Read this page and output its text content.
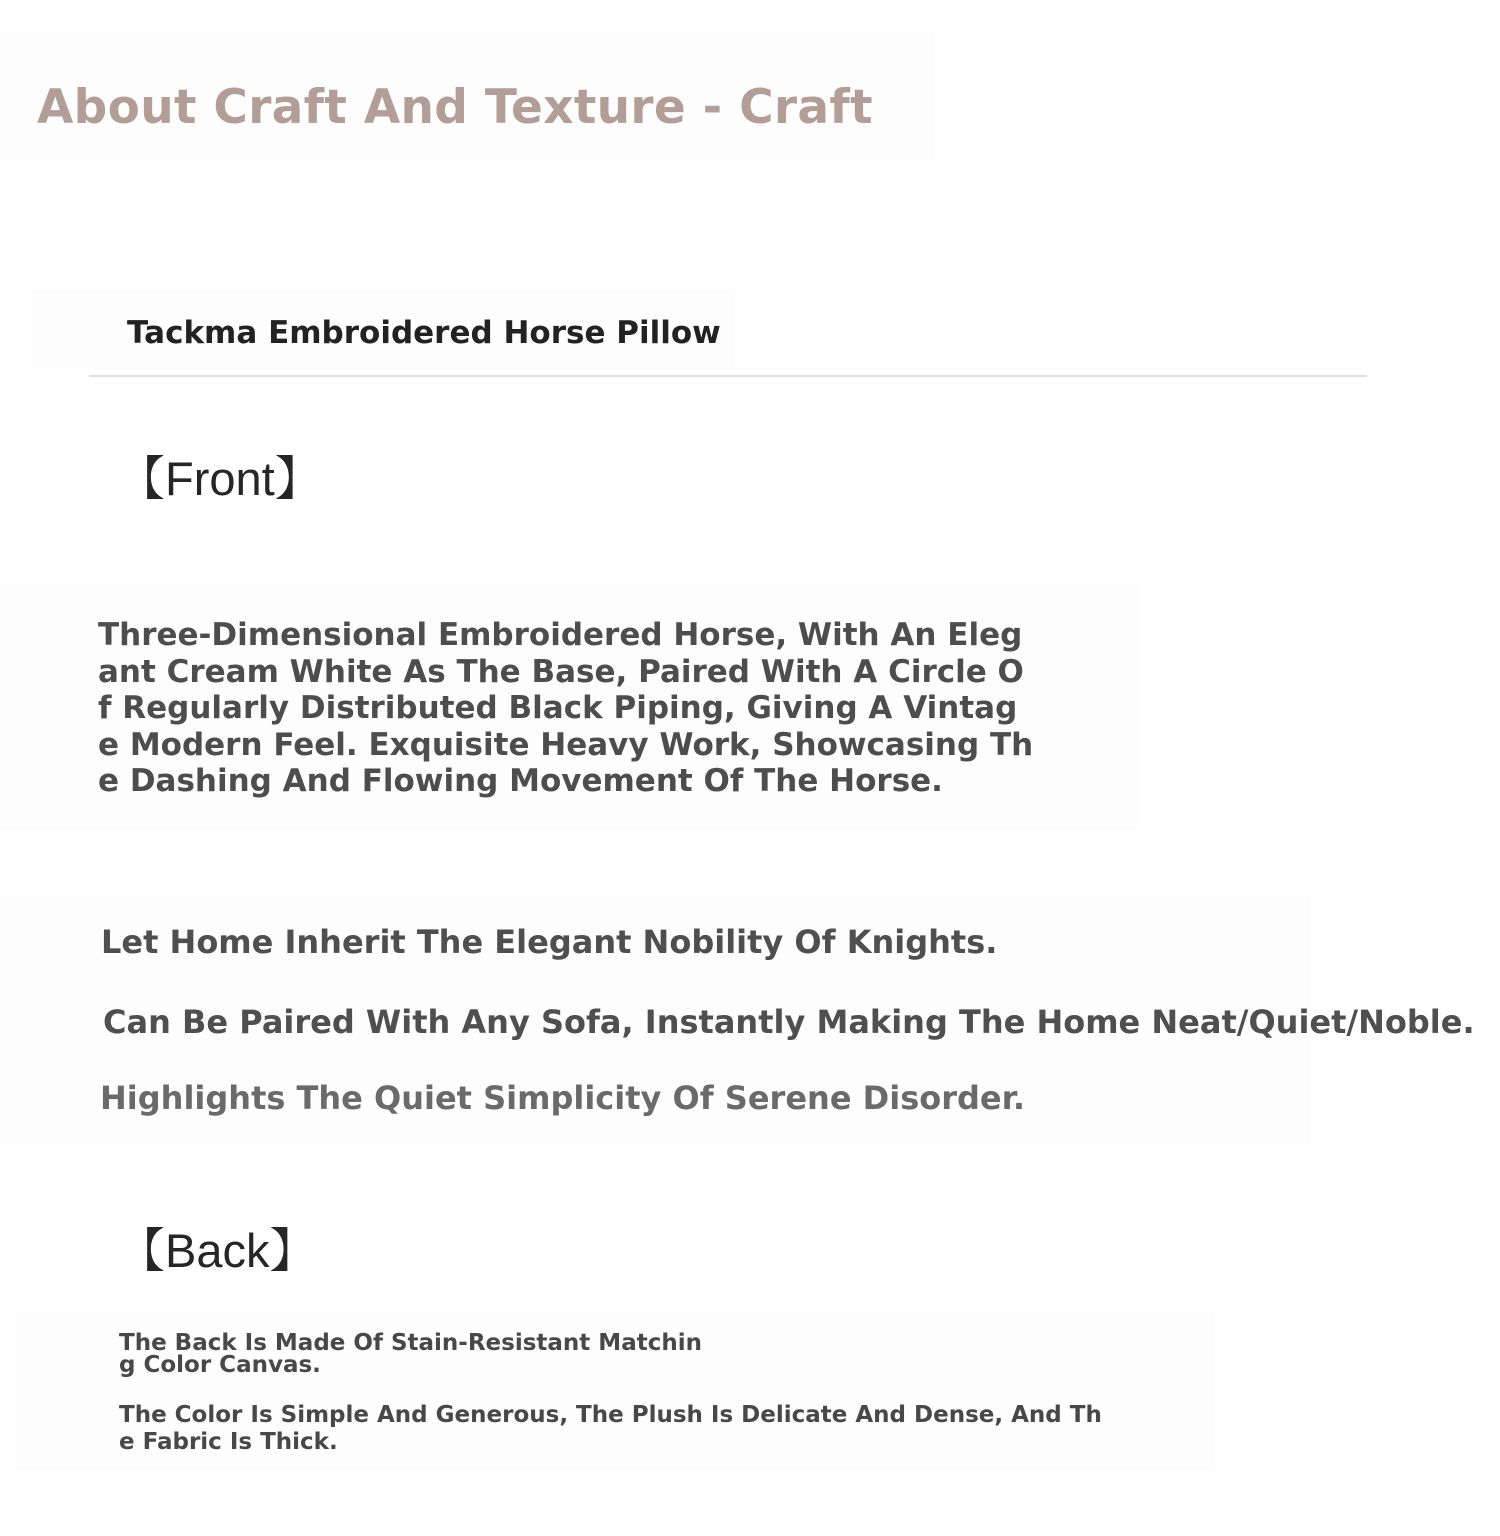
About Craft And Texture - Craft
Tackma Embroidered Horse Pillow
【Front】

Three-Dimensional Embroidered Horse, With An Eleg
ant Cream White As The Base, Paired With A Circle O
f Regularly Distributed Black Piping, Giving A Vintag
e Modern Feel. Exquisite Heavy Work, Showcasing Th
e Dashing And Flowing Movement Of The Horse.

Let Home Inherit The Elegant Nobility Of Knights.

Can Be Paired With Any Sofa, Instantly Making The Home Neat/Quiet/Noble.

Highlights The Quiet Simplicity Of Serene Disorder.

【Back】

The Back Is Made Of Stain-Resistant Matchin
g Color Canvas.

The Color Is Simple And Generous, The Plush Is Delicate And Dense, And Th
e Fabric Is Thick.
